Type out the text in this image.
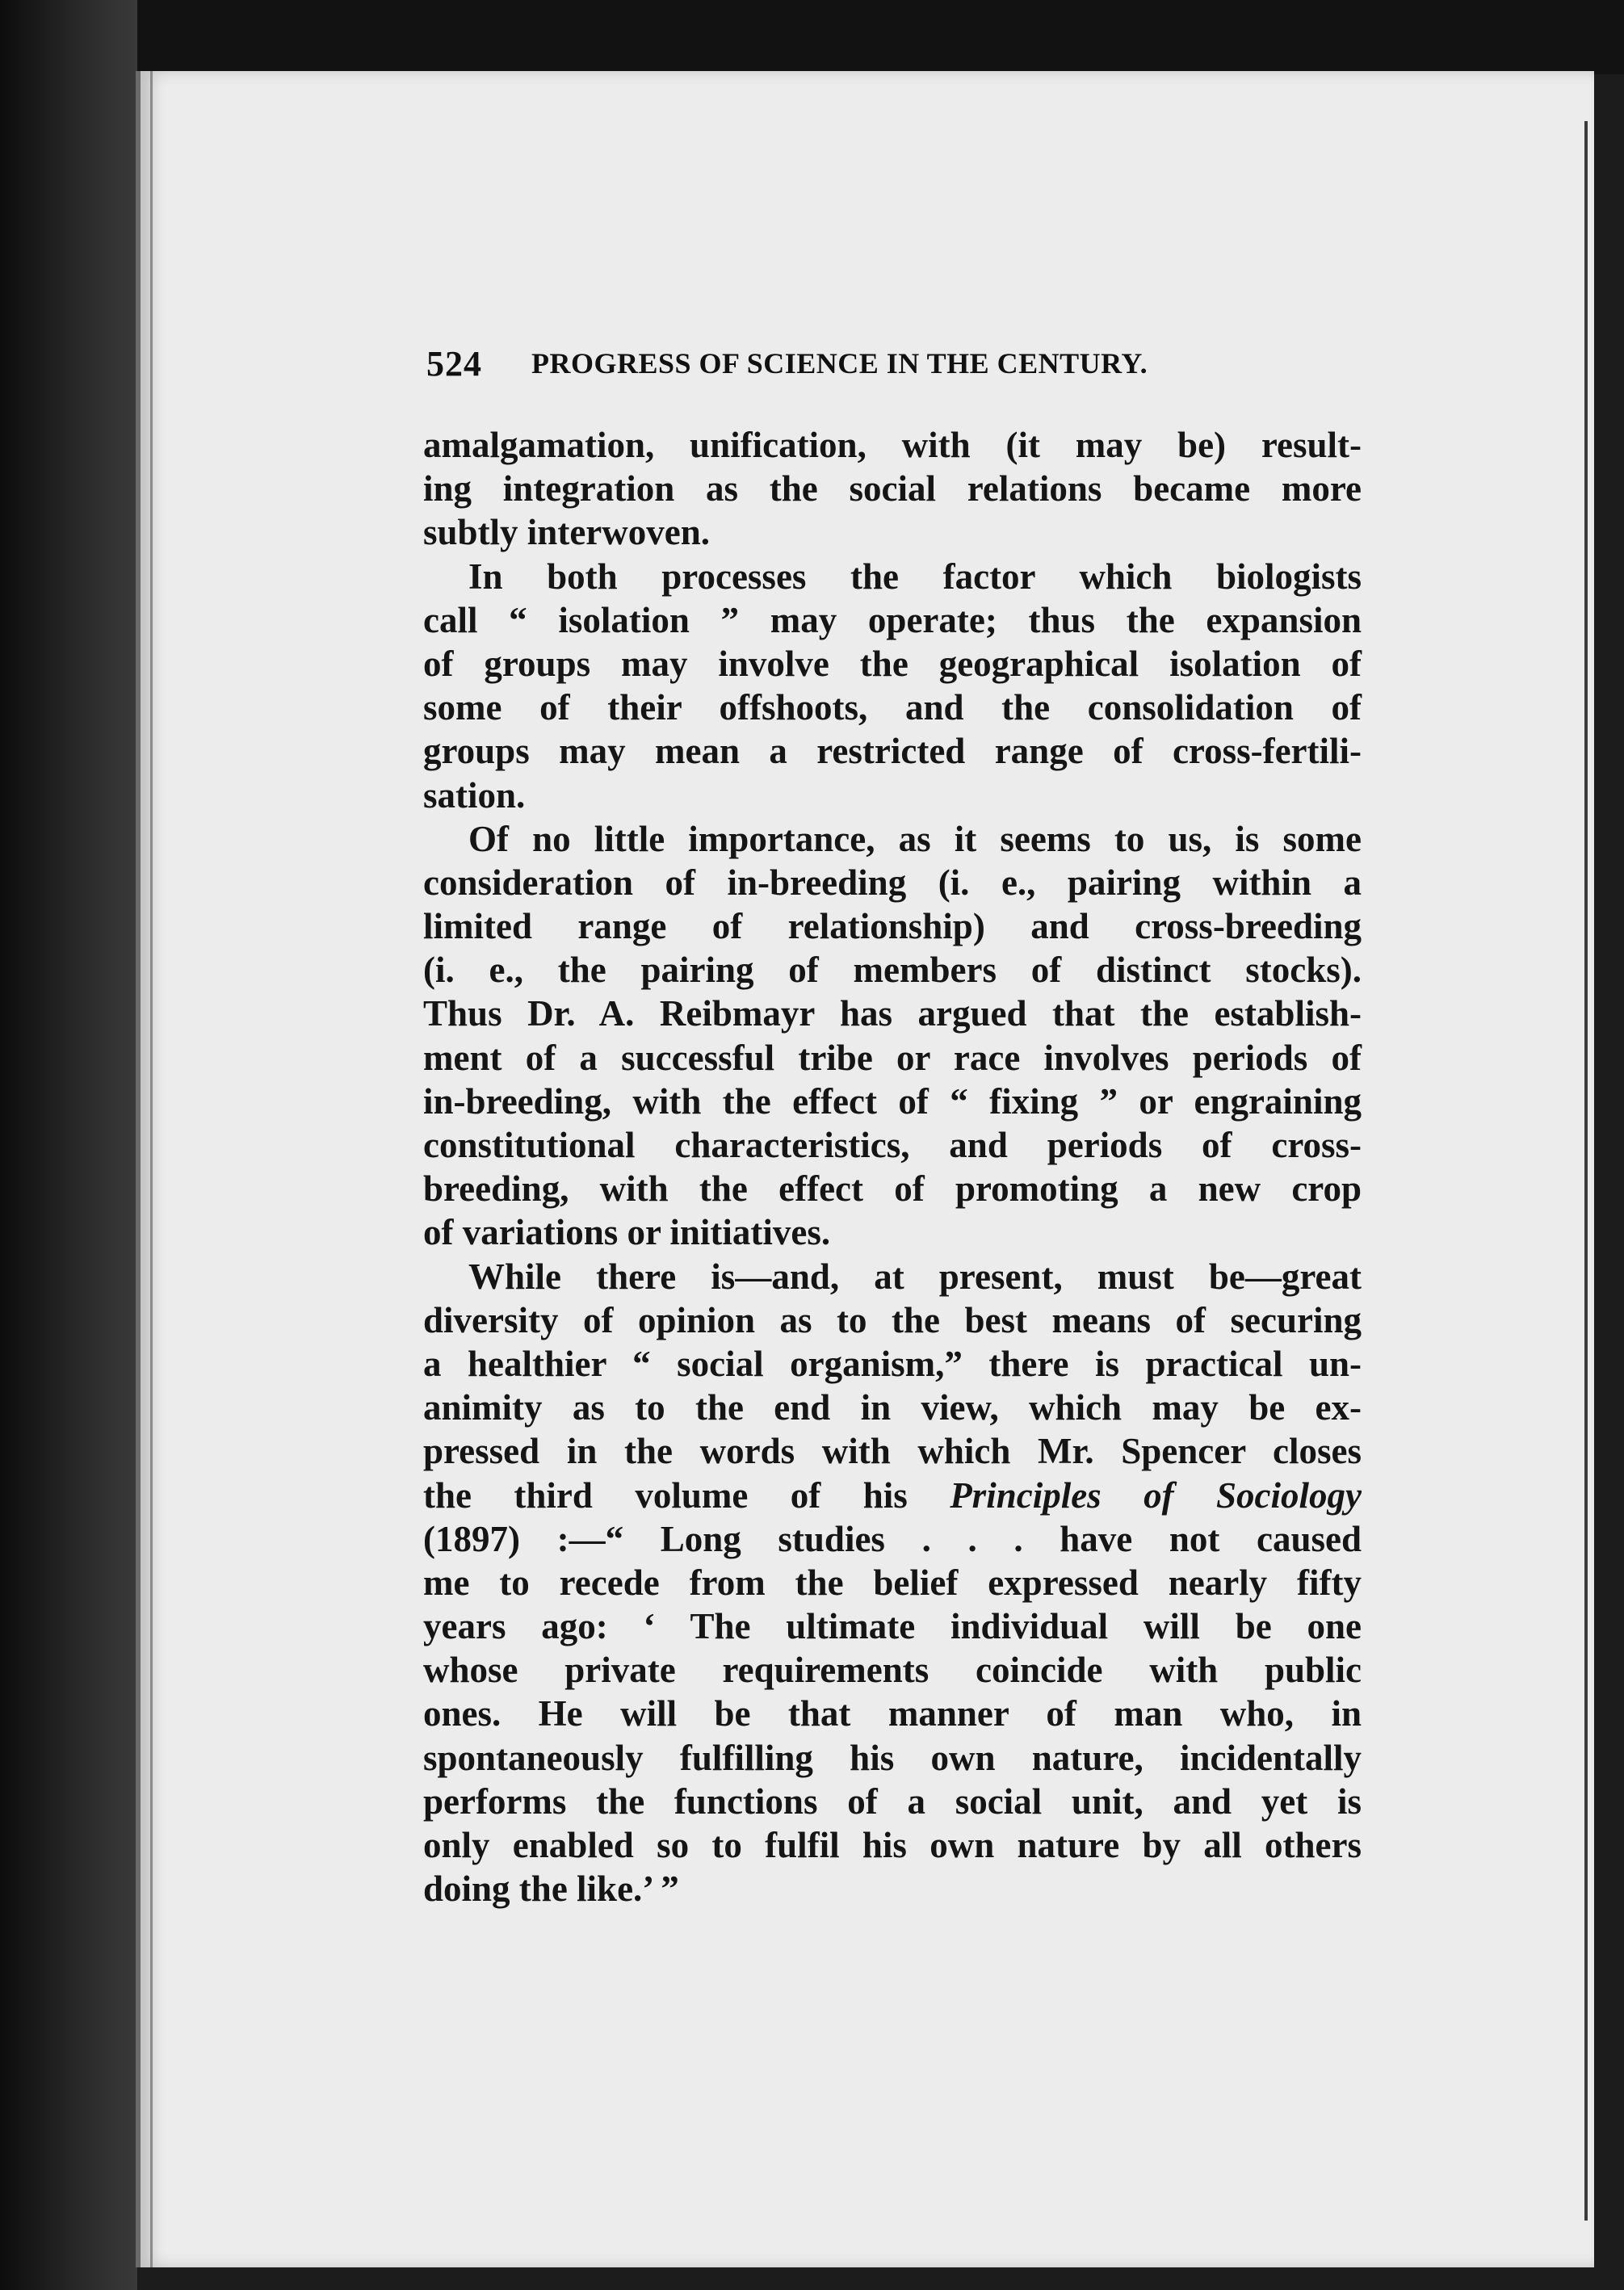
524 PROGRESS OF SCIENCE IN THE CENTURY.
amalgamation, unification, with (it may be) result-
ing integration as the social relations became more
subtly interwoven.
In both processes the factor which biologists
call “ isolation ” may operate; thus the expansion
of groups may involve the geographical isolation of
some of their offshoots, and the consolidation of
groups may mean a restricted range of cross-fertili-
sation.
Of no little importance, as it seems to us, is some
consideration of in-breeding (i. e., pairing within a
limited range of relationship) and cross-breeding
(i. e., the pairing of members of distinct stocks).
Thus Dr. A. Reibmayr has argued that the establish-
ment of a successful tribe or race involves periods of
in-breeding, with the effect of “ fixing ” or engraining
constitutional characteristics, and periods of cross-
breeding, with the effect of promoting a new crop
of variations or initiatives.
While there is—and, at present, must be—great
diversity of opinion as to the best means of securing
a healthier “ social organism,” there is practical un-
animity as to the end in view, which may be ex-
pressed in the words with which Mr. Spencer closes
the third volume of his Principles of Sociology
(1897) :—“ Long studies . . . have not caused
me to recede from the belief expressed nearly fifty
years ago: ‘ The ultimate individual will be one
whose private requirements coincide with public
ones. He will be that manner of man who, in
spontaneously fulfilling his own nature, incidentally
performs the functions of a social unit, and yet is
only enabled so to fulfil his own nature by all others
doing the like.’ ”
